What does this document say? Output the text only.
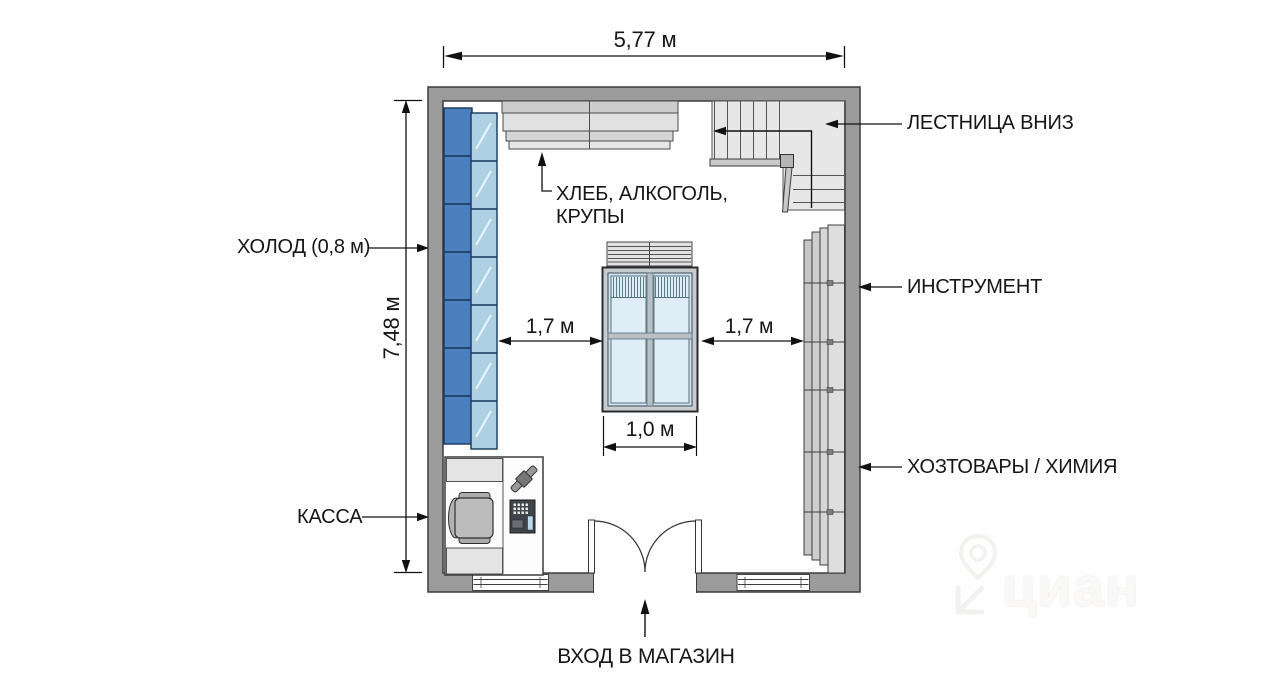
5,77 м
7,48 м	1,7 м	1,7 м
1,0 м
ХОЛОД (0,8 м)
КАССА
ХЛЕБ, АЛКОГОЛЬ,
КРУПЫ
ЛЕСТНИЦА ВНИЗ
ИНСТРУМЕНТ
ХОЗТОВАРЫ / ХИМИЯ
ВХОД В МАГАЗИН
циан
